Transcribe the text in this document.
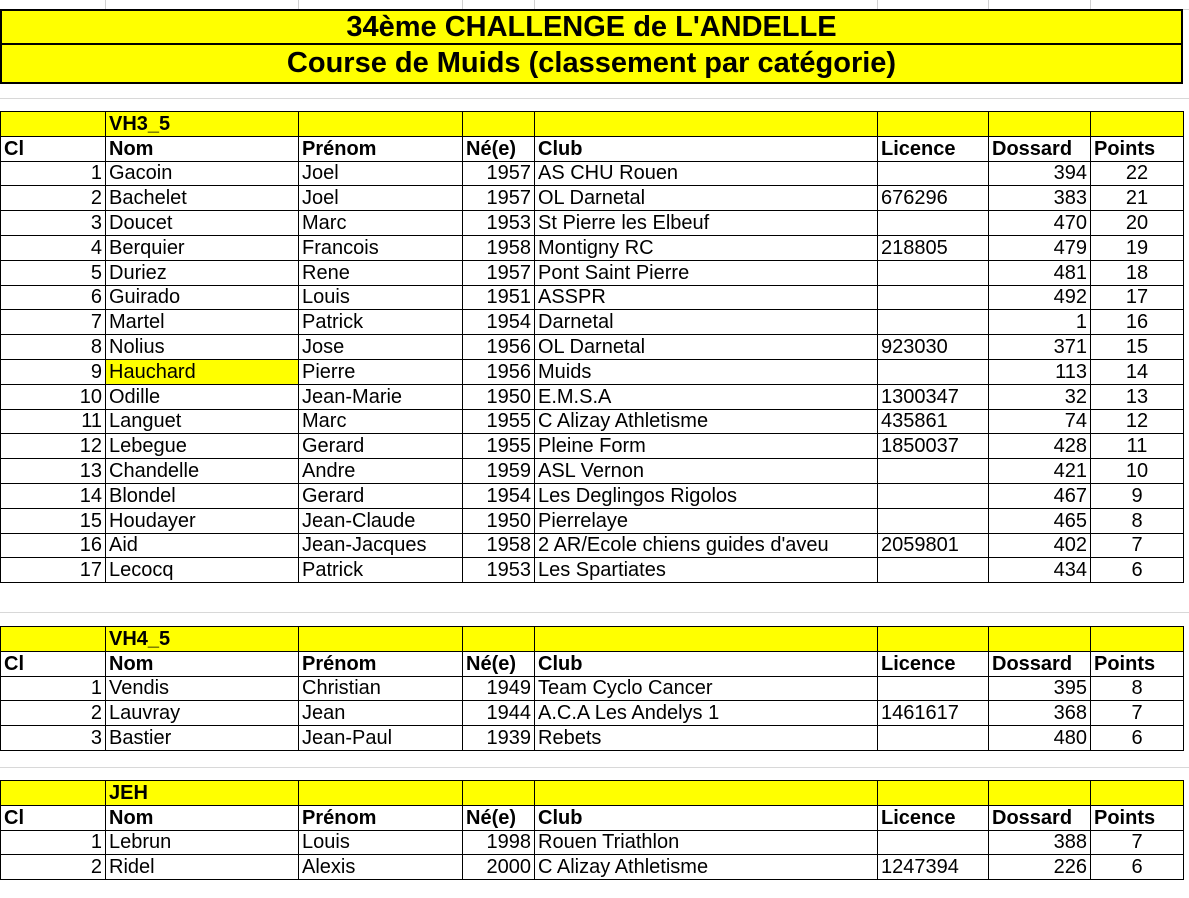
34ème CHALLENGE de L'ANDELLE
Course de Muids (classement par catégorie)
	VH3_5						
Cl	Nom	Prénom	Né(e)	Club	Licence	Dossard	Points
1	Gacoin	Joel	1957	AS CHU Rouen		394	22
2	Bachelet	Joel	1957	OL Darnetal	676296	383	21
3	Doucet	Marc	1953	St Pierre les Elbeuf		470	20
4	Berquier	Francois	1958	Montigny RC	218805	479	19
5	Duriez	Rene	1957	Pont Saint Pierre		481	18
6	Guirado	Louis	1951	ASSPR		492	17
7	Martel	Patrick	1954	Darnetal		1	16
8	Nolius	Jose	1956	OL Darnetal	923030	371	15
9	Hauchard	Pierre	1956	Muids		113	14
10	Odille	Jean-Marie	1950	E.M.S.A	1300347	32	13
11	Languet	Marc	1955	C Alizay Athletisme	435861	74	12
12	Lebegue	Gerard	1955	Pleine Form	1850037	428	11
13	Chandelle	Andre	1959	ASL Vernon		421	10
14	Blondel	Gerard	1954	Les Deglingos Rigolos		467	9
15	Houdayer	Jean-Claude	1950	Pierrelaye		465	8
16	Aid	Jean-Jacques	1958	2 AR/Ecole chiens guides d'aveu	2059801	402	7
17	Lecocq	Patrick	1953	Les Spartiates		434	6
	VH4_5						
Cl	Nom	Prénom	Né(e)	Club	Licence	Dossard	Points
1	Vendis	Christian	1949	Team Cyclo Cancer		395	8
2	Lauvray	Jean	1944	A.C.A Les Andelys 1	1461617	368	7
3	Bastier	Jean-Paul	1939	Rebets		480	6
	JEH						
Cl	Nom	Prénom	Né(e)	Club	Licence	Dossard	Points
1	Lebrun	Louis	1998	Rouen Triathlon		388	7
2	Ridel	Alexis	2000	C Alizay Athletisme	1247394	226	6
